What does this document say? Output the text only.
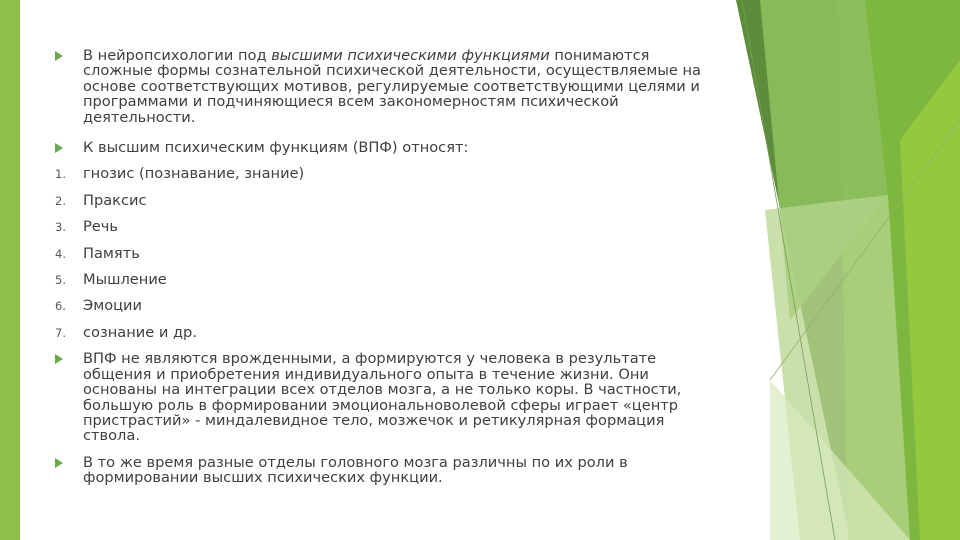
В нейропсихологии под высшими психическими функциями понимаются сложные формы сознательной психической деятельности, осуществляемые на основе соответствующих мотивов, регулируемые соответствующими целями и программами и подчиняющиеся всем закономерностям психической деятельности.

К высшим психическим функциям (ВПФ) относят:

1. гнозис (познавание, знание)

2. Праксис

3. Речь

4. Память

5. Мышление

6. Эмоции

7. сознание и др.

ВПФ не являются врожденными, а формируются у человека в результате общения и приобретения индивидуального опыта в течение жизни. Они основаны на интеграции всех отделов мозга, а не только коры. В частности, большую роль в формировании эмоциональноволевой сферы играет «центр пристрастий» - миндалевидное тело, мозжечок и ретикулярная формация ствола.

В то же время разные отделы головного мозга различны по их роли в формировании высших психических функции.
